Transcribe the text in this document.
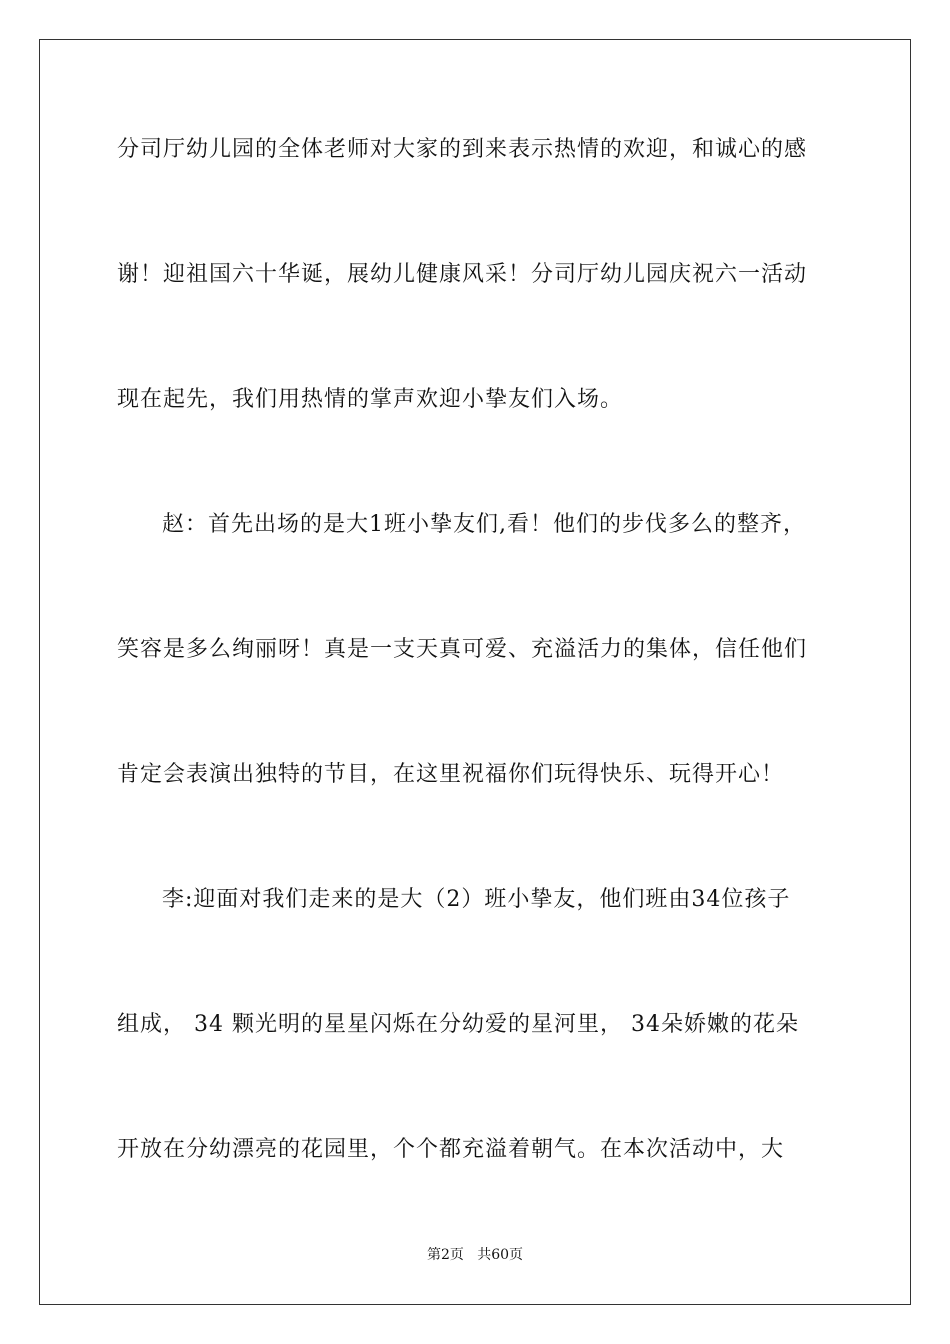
分司厅幼儿园的全体老师对大家的到来表示热情的欢迎，和诚心的感
谢！迎祖国六十华诞，展幼儿健康风采！分司厅幼儿园庆祝六一活动
现在起先，我们用热情的掌声欢迎小挚友们入场。
赵：首先出场的是大1班小挚友们,看！他们的步伐多么的整齐，
笑容是多么绚丽呀！真是一支天真可爱、充溢活力的集体，信任他们
肯定会表演出独特的节目，在这里祝福你们玩得快乐、玩得开心！
李:迎面对我们走来的是大（2）班小挚友，他们班由34位孩子
组成， 34 颗光明的星星闪烁在分幼爱的星河里， 34朵娇嫩的花朵
开放在分幼漂亮的花园里，个个都充溢着朝气。在本次活动中，大
第2页   共60页
